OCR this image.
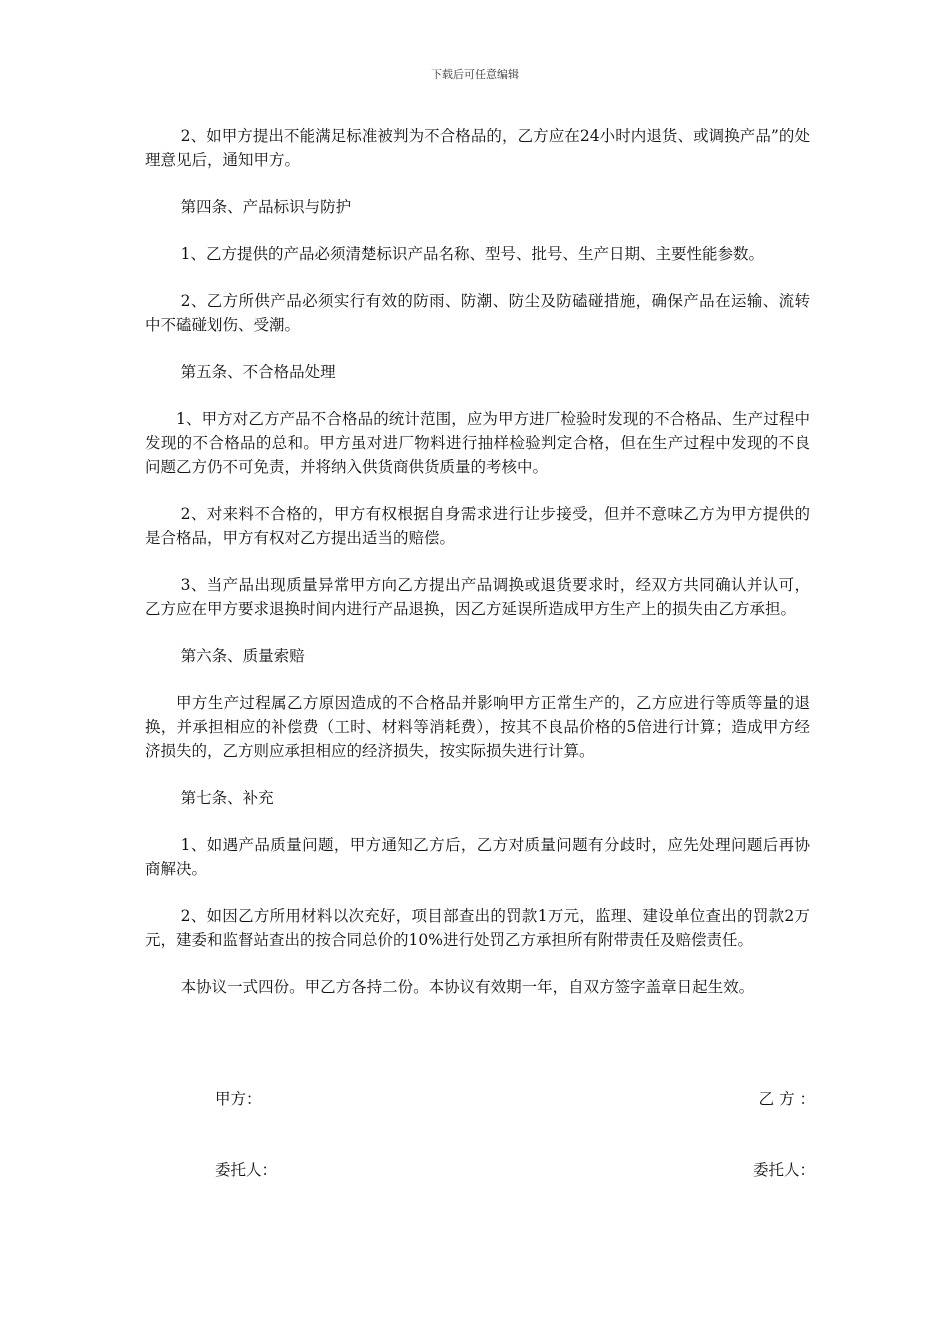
下载后可任意编辑

2、如甲方提出不能满足标准被判为不合格品的，乙方应在24小时内退货、或调换产品”的处理意见后，通知甲方。

第四条、产品标识与防护

1、乙方提供的产品必须清楚标识产品名称、型号、批号、生产日期、主要性能参数。

2、乙方所供产品必须实行有效的防雨、防潮、防尘及防磕碰措施，确保产品在运输、流转中不磕碰划伤、受潮。

第五条、不合格品处理

1、甲方对乙方产品不合格品的统计范围，应为甲方进厂检验时发现的不合格品、生产过程中发现的不合格品的总和。甲方虽对进厂物料进行抽样检验判定合格，但在生产过程中发现的不良问题乙方仍不可免责，并将纳入供货商供货质量的考核中。

2、对来料不合格的，甲方有权根据自身需求进行让步接受，但并不意味乙方为甲方提供的是合格品，甲方有权对乙方提出适当的赔偿。

3、当产品出现质量异常甲方向乙方提出产品调换或退货要求时，经双方共同确认并认可，乙方应在甲方要求退换时间内进行产品退换，因乙方延误所造成甲方生产上的损失由乙方承担。

第六条、质量索赔

甲方生产过程属乙方原因造成的不合格品并影响甲方正常生产的，乙方应进行等质等量的退换，并承担相应的补偿费（工时、材料等消耗费），按其不良品价格的5倍进行计算；造成甲方经济损失的，乙方则应承担相应的经济损失，按实际损失进行计算。

第七条、补充

1、如遇产品质量问题，甲方通知乙方后，乙方对质量问题有分歧时，应先处理问题后再协商解决。

2、如因乙方所用材料以次充好，项目部查出的罚款1万元，监理、建设单位查出的罚款2万元，建委和监督站查出的按合同总价的10%进行处罚乙方承担所有附带责任及赔偿责任。

本协议一式四份。甲乙方各持二份。本协议有效期一年，自双方签字盖章日起生效。

甲方：	乙 方 ：
委托人：	委托人：
